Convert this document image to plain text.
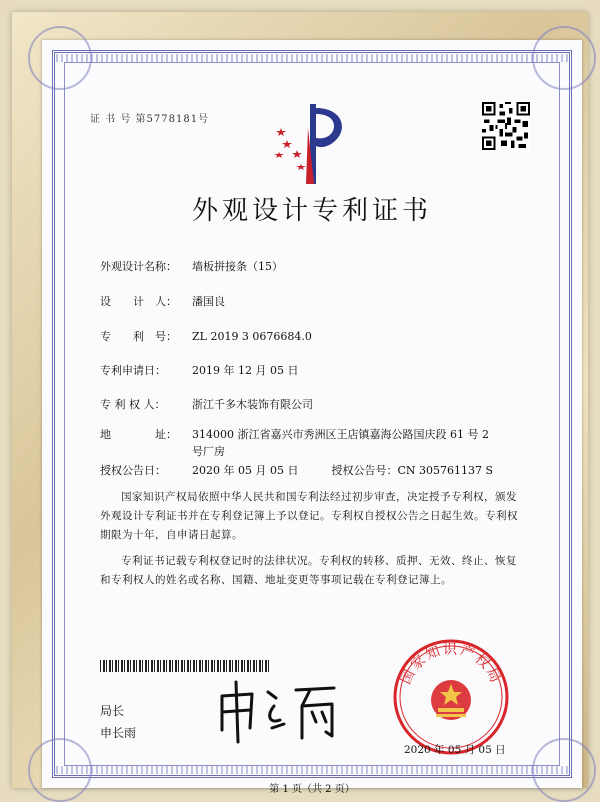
证 书 号 第5778181号
外观设计专利证书
外观设计名称： 墙板拼接条（15）
设　　计　人： 潘国良
专　　利　号： ZL 2019 3 0676684.0
专利申请日： 2019 年 12 月 05 日
专 利 权 人： 浙江千多木装饰有限公司
地　　　　址： 314000 浙江省嘉兴市秀洲区王店镇嘉海公路国庆段 61 号 2 号厂房
授权公告日： 2020 年 05 月 05 日　　　授权公告号：CN 305761137 S
国家知识产权局依照中华人民共和国专利法经过初步审查，决定授予专利权，颁发外观设计专利证书并在专利登记簿上予以登记。专利权自授权公告之日起生效。专利权期限为十年，自申请日起算。
专利证书记载专利权登记时的法律状况。专利权的转移、质押、无效、终止、恢复和专利权人的姓名或名称、国籍、地址变更等事项记载在专利登记簿上。
局长
申长雨
国家知识产权局
2020 年 05 月 05 日
第 1 页（共 2 页）
